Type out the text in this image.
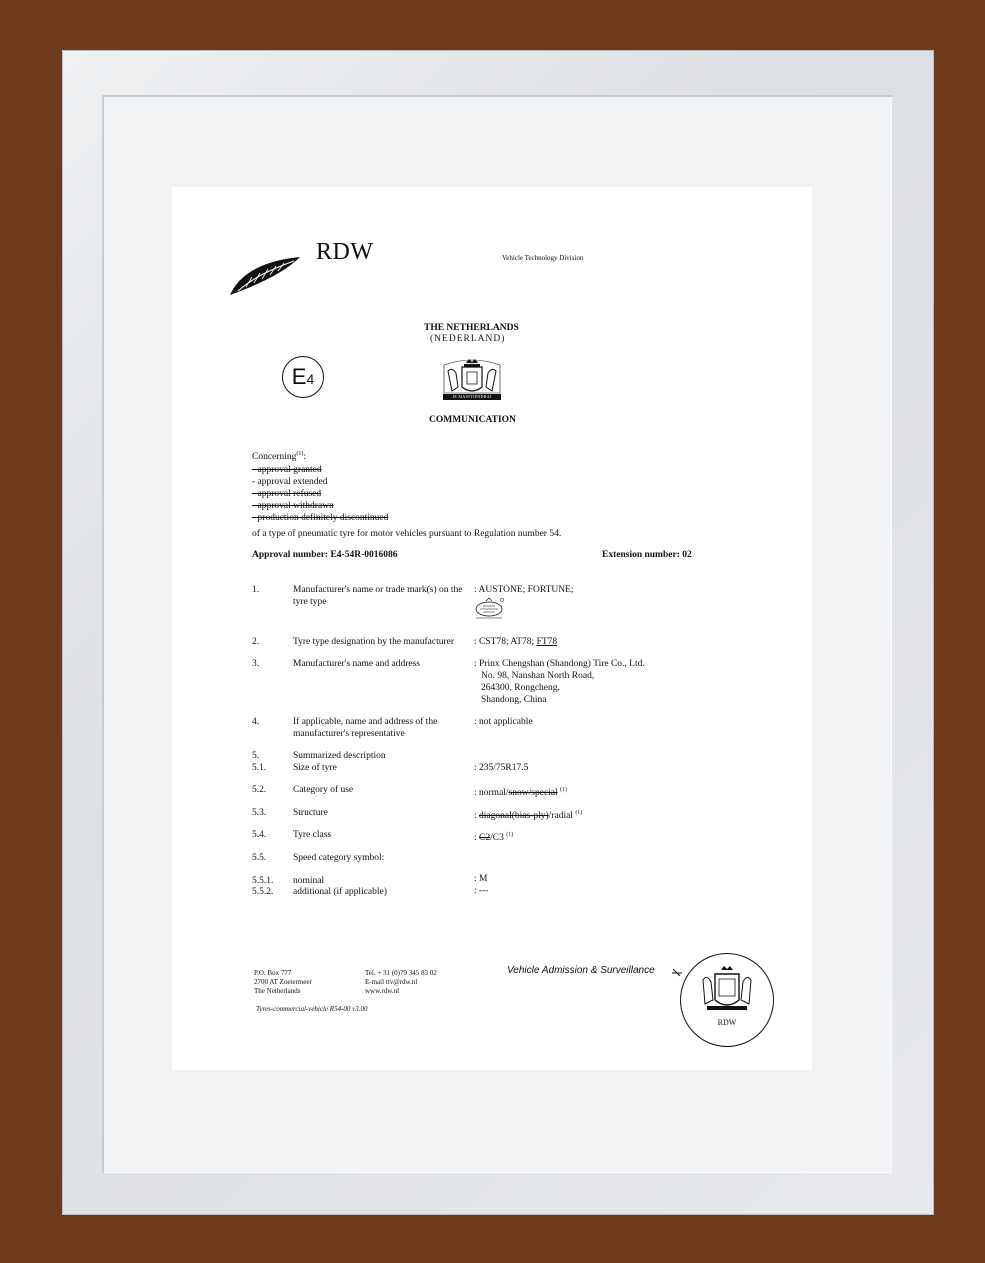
RDW	Vehicle Technology Division
THE NETHERLANDS
(NEDERLAND)
E4
JE MAINTIENDRAI
COMMUNICATION
Concerning$^{(1)}$:
- approval granted
- approval extended
- approval refused
- approval withdrawn
- production definitely discontinued
of a type of pneumatic tyre for motor vehicles pursuant to Regulation number 54.
Approval number: E4-54R-0016086	Extension number: 02
1.	Manufacturer's name or trade mark(s) on the tyre type
: AUSTONE; FORTUNE;
2.	Tyre type designation by the manufacturer	: CST78; AT78; FT78
3.	Manufacturer's name and address	: Prinx Chengshan (Shandong) Tire Co., Ltd.
No. 98, Nanshan North Road,
264300, Rongcheng,
Shandong, China
4.	If applicable, name and address of the manufacturer's representative
: not applicable
5.	Summarized description
5.1.	Size of tyre	: 235/75R17.5
5.2.	Category of use	: normal/snow/special $^{(1)}$
5.3.	Structure	: diagonal(bias-ply)/radial $^{(1)}$
5.4.	Tyre class	: C2/C3 $^{(1)}$
5.5.	Speed category symbol:
5.5.1. nominal	: M
5.5.2. additional (if applicable)	: ---
P.O. Box 777
2700 AT Zoetermeer
The Netherlands
Tel. + 31 (0)79 345 83 02
E-mail ttv@rdw.nl
www.rdw.nl
Vehicle Admission & Surveillance
Tyres-commercial-vehicle R54-00 v3.00
RDW
